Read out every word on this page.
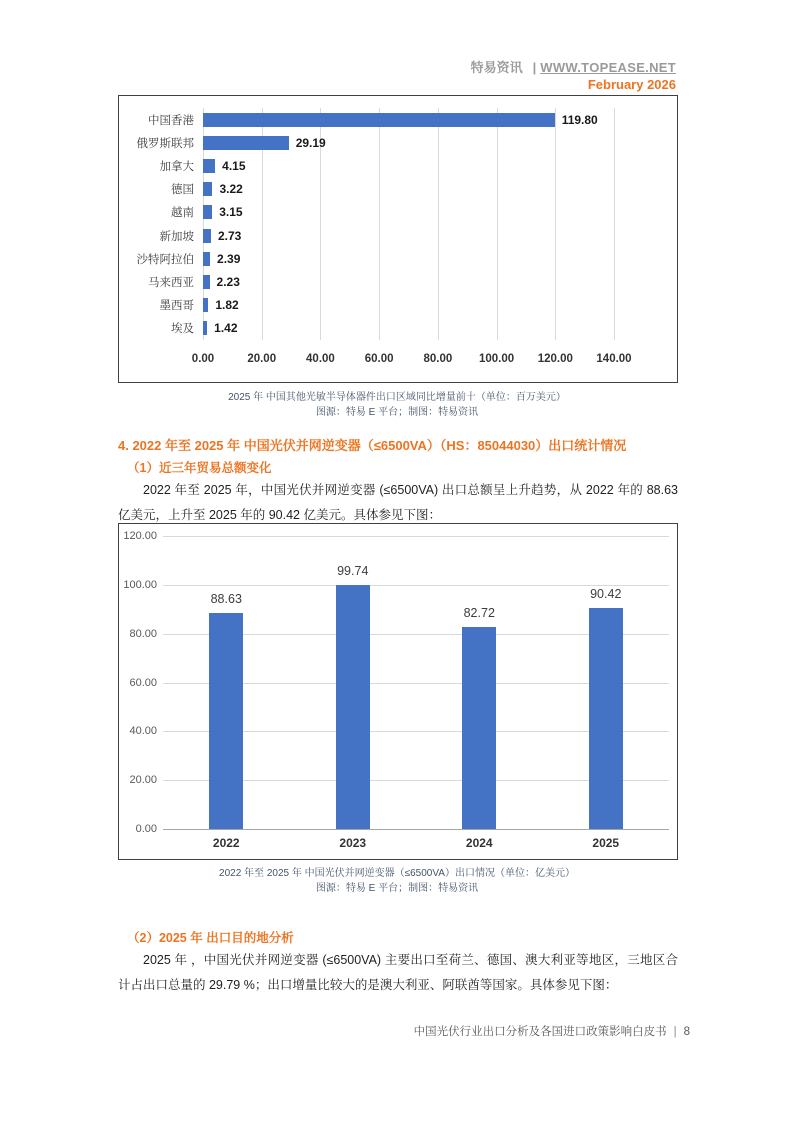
特易资讯 | WWW.TOPEASE.NET
February 2026
119.80
29.19
4.15
3.22
3.15
2.73
2.39
2.23
1.82
1.42
中国香港
俄罗斯联邦
加拿大
德国
越南
新加坡
沙特阿拉伯
马来西亚
墨西哥
埃及
0.00	20.00	40.00	60.00	80.00 100.00 120.00 140.00
2025 年 中国其他光敏半导体器件出口区域同比增量前十（单位：百万美元）
图源：特易 E 平台；制图：特易资讯
4. 2022 年至 2025 年 中国光伏并网逆变器（≤6500VA）（HS：85044030）出口统计情况
（1）近三年贸易总额变化

2022 年至 2025 年，中国光伏并网逆变器 (≤6500VA) 出口总额呈上升趋势，从 2022 年的 88.63 亿美元，上升至 2025 年的 90.42 亿美元。具体参见下图：

88.63
99.74
82.72
90.42
0.00
20.00
40.00
60.00
80.00
100.00
120.00
2022	2023	2024	2025
2022 年至 2025 年 中国光伏并网逆变器（≤6500VA）出口情况（单位：亿美元）
图源：特易 E 平台；制图：特易资讯
（2）2025 年 出口目的地分析

2025 年 ，中国光伏并网逆变器 (≤6500VA) 主要出口至荷兰、德国、澳大利亚等地区，三地区合计占出口总量的 29.79 %；出口增量比较大的是澳大利亚、阿联酋等国家。具体参见下图：

中国光伏行业出口分析及各国进口政策影响白皮书 | 8
